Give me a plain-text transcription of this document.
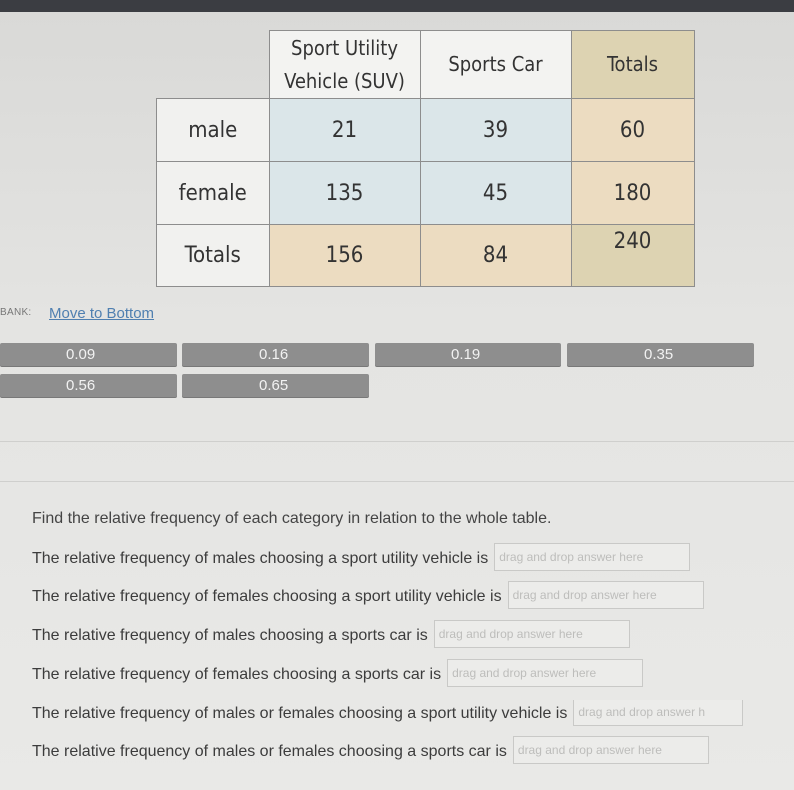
	Sport Utility
Vehicle (SUV)	Sports Car	Totals
male	21	39	60
female	135	45	180
Totals	156	84	240
BANK: Move to Bottom
0.09	0.16	0.19	0.35
0.56	0.65
Find the relative frequency of each category in relation to the whole table.
The relative frequency of males choosing a sport utility vehicle is drag and drop answer here
The relative frequency of females choosing a sport utility vehicle is drag and drop answer here
The relative frequency of males choosing a sports car is drag and drop answer here
The relative frequency of females choosing a sports car is drag and drop answer here
The relative frequency of males or females choosing a sport utility vehicle is drag and drop answer h
The relative frequency of males or females choosing a sports car is drag and drop answer here
